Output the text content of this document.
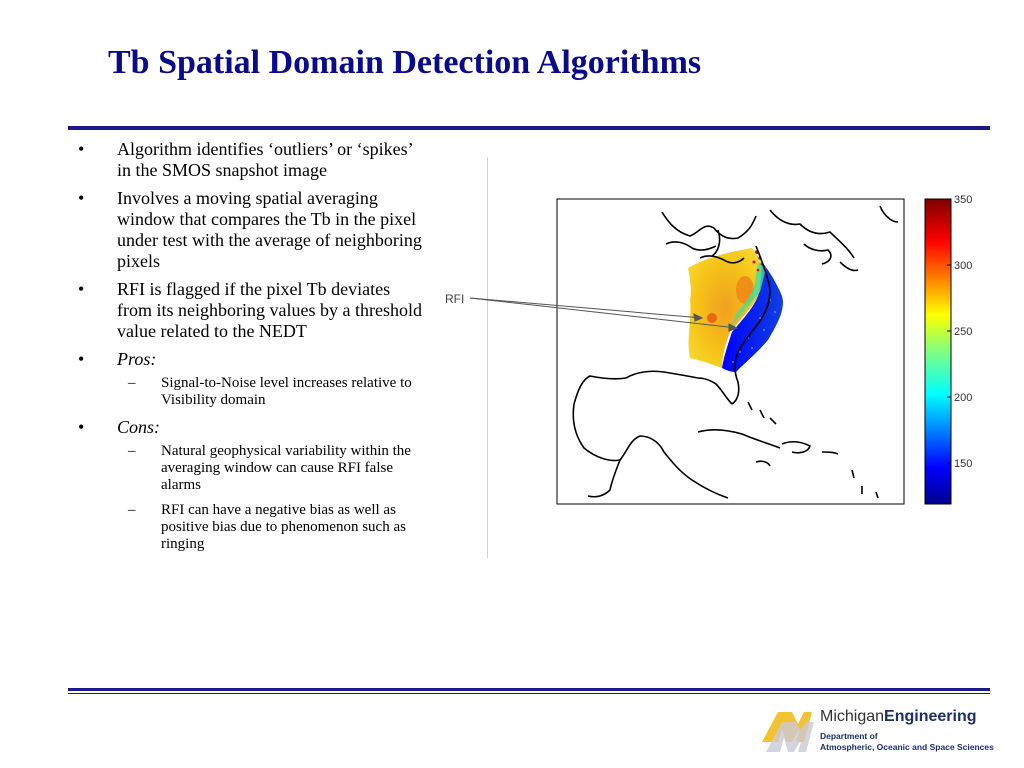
Tb Spatial Domain Detection Algorithms
• Algorithm identifies ‘outliers’ or ‘spikes’ in the SMOS snapshot image
• Involves a moving spatial averaging window that compares the Tb in the pixel under test with the average of neighboring pixels
• RFI is flagged if the pixel Tb deviates from its neighboring values by a threshold value related to the NEDT
• Pros:
–	Signal-to-Noise level increases relative to Visibility domain
• Cons:
–	Natural geophysical variability within the averaging window can cause RFI false alarms
–	RFI can have a negative bias as well as positive bias due to phenomenon such as ringing
350
300
250
200
150
RFI
MichiganEngineering
Department of
Atmospheric, Oceanic and Space Sciences
